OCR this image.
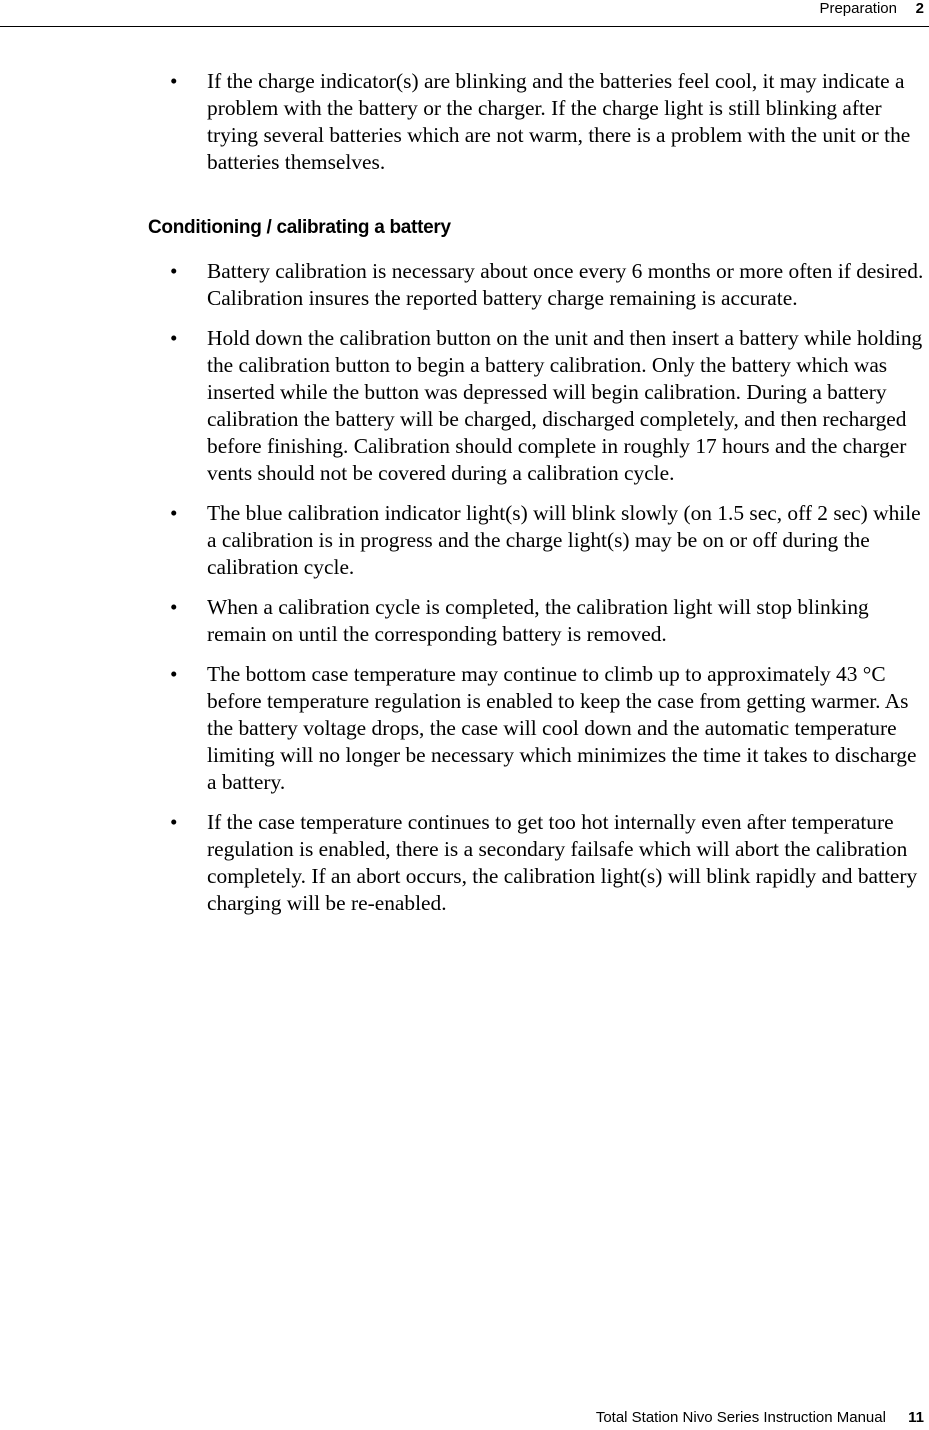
Preparation 2
• If the charge indicator(s) are blinking and the batteries feel cool, it may indicate a problem with the battery or the charger. If the charge light is still blinking after trying several batteries which are not warm, there is a problem with the unit or the batteries themselves.
Conditioning / calibrating a battery
• Battery calibration is necessary about once every 6 months or more often if desired. Calibration insures the reported battery charge remaining is accurate.
• Hold down the calibration button on the unit and then insert a battery while holding the calibration button to begin a battery calibration. Only the battery which was inserted while the button was depressed will begin calibration. During a battery calibration the battery will be charged, discharged completely, and then recharged before finishing. Calibration should complete in roughly 17 hours and the charger vents should not be covered during a calibration cycle.
• The blue calibration indicator light(s) will blink slowly (on 1.5 sec, off 2 sec) while a calibration is in progress and the charge light(s) may be on or off during the calibration cycle.
• When a calibration cycle is completed, the calibration light will stop blinking remain on until the corresponding battery is removed.
• The bottom case temperature may continue to climb up to approximately 43 °C before temperature regulation is enabled to keep the case from getting warmer. As the battery voltage drops, the case will cool down and the automatic temperature limiting will no longer be necessary which minimizes the time it takes to discharge a battery.
• If the case temperature continues to get too hot internally even after temperature regulation is enabled, there is a secondary failsafe which will abort the calibration completely. If an abort occurs, the calibration light(s) will blink rapidly and battery charging will be re-enabled.
Total Station Nivo Series Instruction Manual 11
